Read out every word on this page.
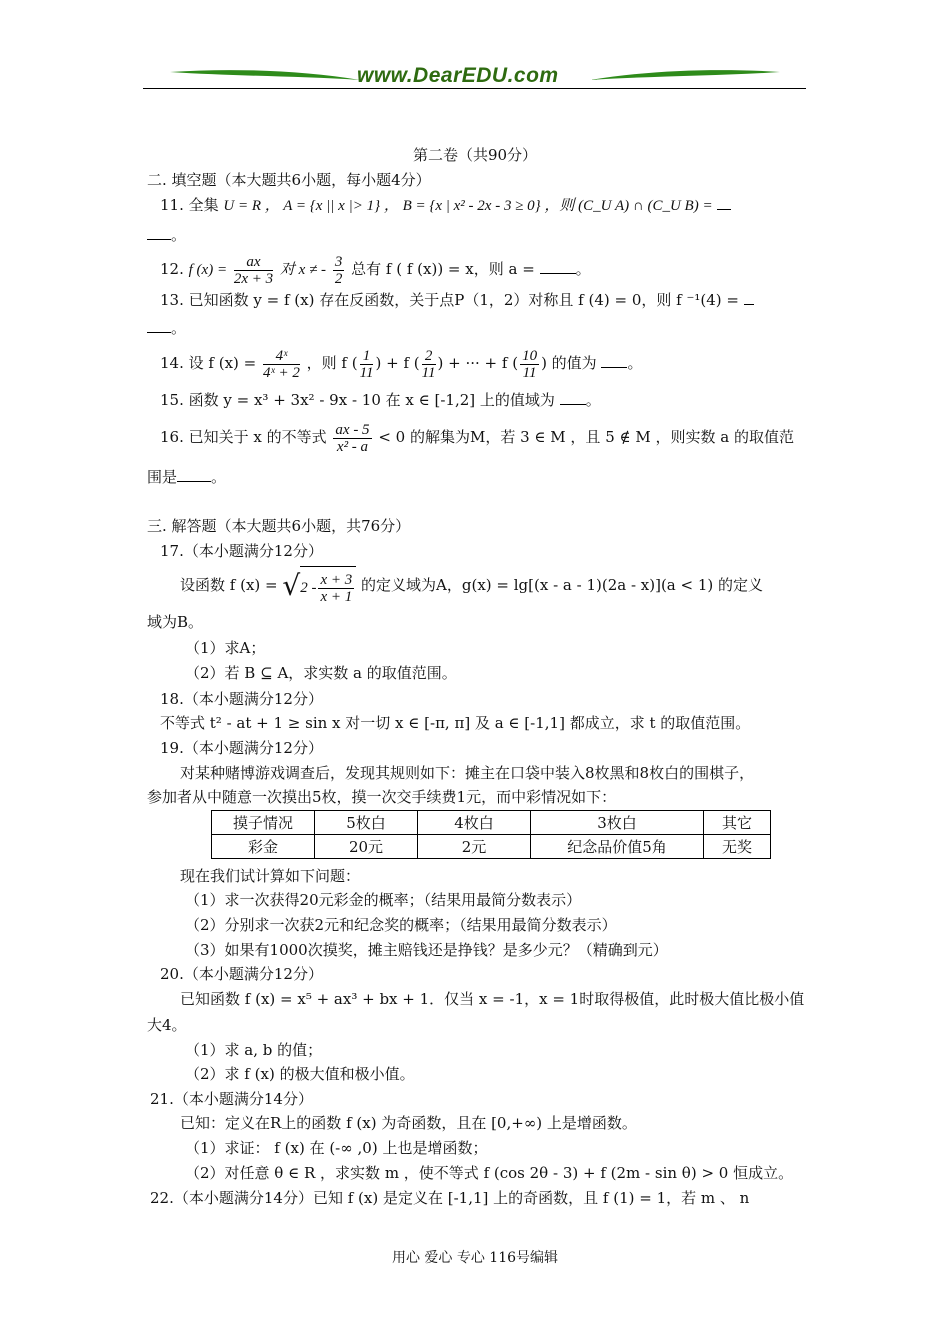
www.DearEDU.com
第二卷（共90分）
二. 填空题（本大题共6小题，每小题4分）
11. 全集 U = R ， A = {x || x |> 1} ， B = {x | x² - 2x - 3 ≥ 0} ，则 (C_U A) ∩ (C_U B) =
。
12. f $(x) = \frac{ax}{2x + 3}$ 对 x ≠ - $\frac{3}{2}$ 总有 f ( f (x)) = x，则 a =	。
13. 已知函数 y = f (x) 存在反函数，关于点P（1，2）对称且 f (4) = 0，则 f ⁻¹(4) =
。
14. 设 f $(x) = \frac{\text{4ˣ}}{\text{4ˣ + 2}}$ ，则 f ( $\frac{1}{11}$ ) + f ( $\frac{2}{11}$ ) + ··· + f ( $\frac{10}{11}$ ) 的值为 。
15. 函数 y = x³ + 3x² - 9x - 10 在 x ∈ [-1,2] 上的值域为 。
16. 已知关于 x 的不等式 $\frac{ax - 5}{\text{x² - a}} < 0$ 的解集为M，若 3 ∈ M ，且 5 ∉ M ，则实数 a 的取值范
围是 。
三. 解答题（本大题共6小题，共76分）
17.（本小题满分12分）
设函数 f $(x) = √2 - \frac{x + 3}{x + 1}$ 的定义域为A，g(x) = lg[(x - a - 1)(2a - x)](a < 1) 的定义
域为B。
（1）求A；
（2）若 B ⊆ A，求实数 a 的取值范围。
18.（本小题满分12分）
不等式 t² - at + 1 ≥ sin x 对一切 x ∈ [-π, π] 及 a ∈ [-1,1] 都成立，求 t 的取值范围。
19.（本小题满分12分）
对某种赌博游戏调查后，发现其规则如下：摊主在口袋中装入8枚黑和8枚白的围棋子，
参加者从中随意一次摸出5枚，摸一次交手续费1元，而中彩情况如下：
摸子情况	5枚白	4枚白	3枚白	其它
彩金	20元	2元	纪念品价值5角	无奖
现在我们试计算如下问题：
（1）求一次获得20元彩金的概率；（结果用最简分数表示）
（2）分别求一次获2元和纪念奖的概率；（结果用最简分数表示）
（3）如果有1000次摸奖，摊主赔钱还是挣钱？是多少元？（精确到元）
20.（本小题满分12分）
已知函数 f (x) = x⁵ + ax³ + bx + 1．仅当 x = -1，x = 1时取得极值，此时极大值比极小值
大4。
（1）求 a, b 的值；
（2）求 f (x) 的极大值和极小值。
21.（本小题满分14分）
已知：定义在R上的函数 f (x) 为奇函数，且在 [0,+∞) 上是增函数。
（1）求证： f (x) 在 (-∞ ,0) 上也是增函数；
（2）对任意 θ ∈ R ，求实数 m ，使不等式 f (cos 2θ - 3) + f (2m - sin θ) > 0 恒成立。
22.（本小题满分14分）已知 f (x) 是定义在 [-1,1] 上的奇函数，且 f (1) = 1，若 m 、 n
用心 爱心 专心 116号编辑
